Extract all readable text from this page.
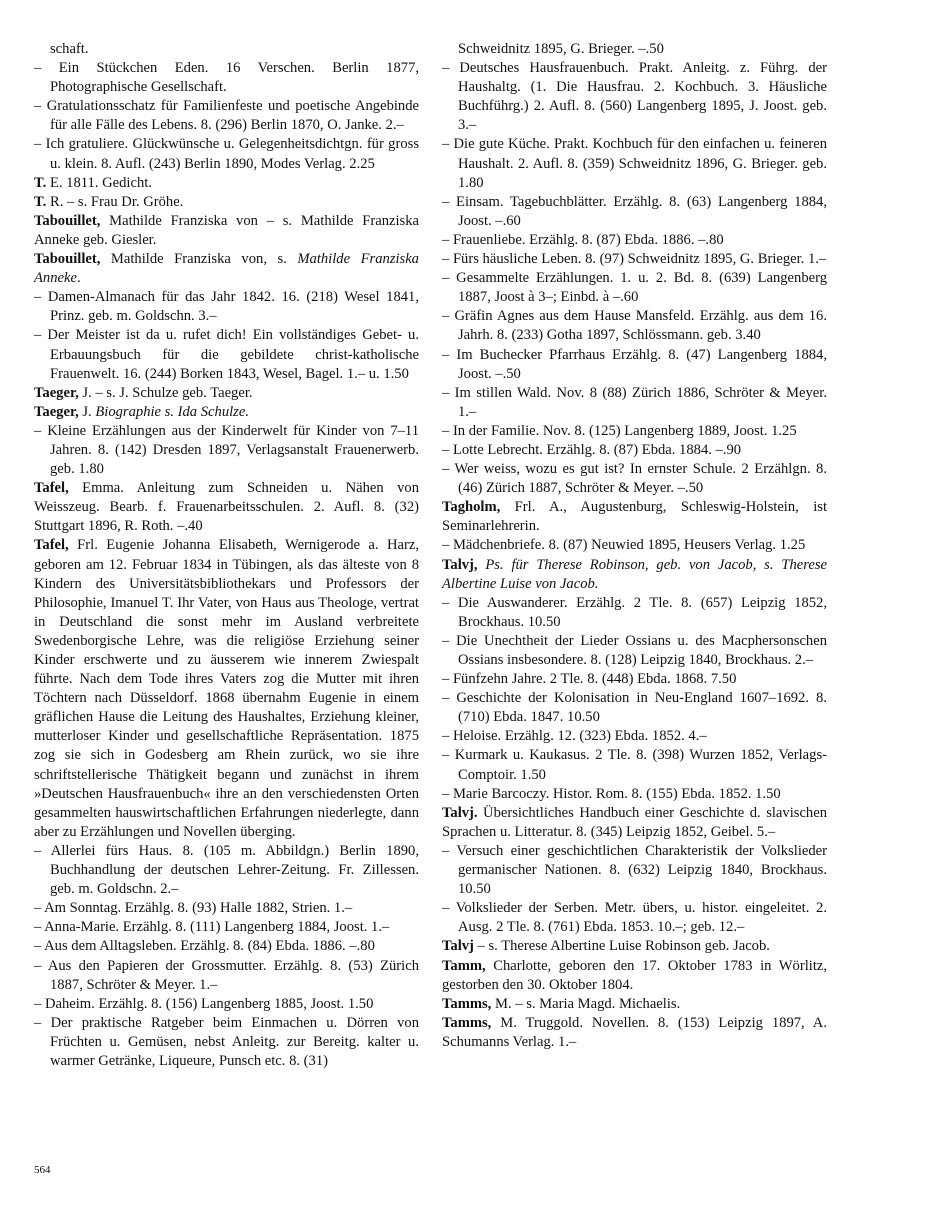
schaft.

– Ein Stückchen Eden. 16 Verschen. Berlin 1877, Photographische Gesellschaft.

– Gratulationsschatz für Familienfeste und poetische Angebinde für alle Fälle des Lebens. 8. (296) Berlin 1870, O. Janke. 2.–

– Ich gratuliere. Glückwünsche u. Gelegenheitsdichtgn. für gross u. klein. 8. Aufl. (243) Berlin 1890, Modes Verlag. 2.25

T. E. 1811. Gedicht.

T. R. – s. Frau Dr. Gröhe.

Tabouillet, Mathilde Franziska von – s. Mathilde Franziska Anneke geb. Giesler.

Tabouillet, Mathilde Franziska von, s. Mathilde Franziska Anneke.

– Damen-Almanach für das Jahr 1842. 16. (218) Wesel 1841, Prinz. geb. m. Goldschn. 3.–

– Der Meister ist da u. rufet dich! Ein vollständiges Gebet- u. Erbauungsbuch für die gebildete christ-katholische Frauenwelt. 16. (244) Borken 1843, Wesel, Bagel. 1.– u. 1.50

Taeger, J. – s. J. Schulze geb. Taeger.

Taeger, J. Biographie s. Ida Schulze.

– Kleine Erzählungen aus der Kinderwelt für Kinder von 7–11 Jahren. 8. (142) Dresden 1897, Verlagsanstalt Frauenerwerb. geb. 1.80

Tafel, Emma. Anleitung zum Schneiden u. Nähen von Weisszeug. Bearb. f. Frauenarbeitsschulen. 2. Aufl. 8. (32) Stuttgart 1896, R. Roth. –.40

Tafel, Frl. Eugenie Johanna Elisabeth, Wernigerode a. Harz, geboren am 12. Februar 1834 in Tübingen, als das älteste von 8 Kindern des Universitätsbibliothekars und Professors der Philosophie, Imanuel T. Ihr Vater, von Haus aus Theologe, vertrat in Deutschland die sonst mehr im Ausland verbreitete Swedenborgische Lehre, was die religiöse Erziehung seiner Kinder erschwerte und zu äusserem wie innerem Zwiespalt führte. Nach dem Tode ihres Vaters zog die Mutter mit ihren Töchtern nach Düsseldorf. 1868 übernahm Eugenie in einem gräflichen Hause die Leitung des Haushaltes, Erziehung kleiner, mutterloser Kinder und gesellschaftliche Repräsentation. 1875 zog sie sich in Godesberg am Rhein zurück, wo sie ihre schriftstellerische Thätigkeit begann und zunächst in ihrem »Deutschen Hausfrauenbuch« ihre an den verschiedensten Orten gesammelten hauswirtschaftlichen Erfahrungen niederlegte, dann aber zu Erzählungen und Novellen überging.

– Allerlei fürs Haus. 8. (105 m. Abbildgn.) Berlin 1890, Buchhandlung der deutschen Lehrer-Zeitung. Fr. Zillessen. geb. m. Goldschn. 2.–

– Am Sonntag. Erzählg. 8. (93) Halle 1882, Strien. 1.–

– Anna-Marie. Erzählg. 8. (111) Langenberg 1884, Joost. 1.–

– Aus dem Alltagsleben. Erzählg. 8. (84) Ebda. 1886. –.80

– Aus den Papieren der Grossmutter. Erzählg. 8. (53) Zürich 1887, Schröter & Meyer. 1.–

– Daheim. Erzählg. 8. (156) Langenberg 1885, Joost. 1.50

– Der praktische Ratgeber beim Einmachen u. Dörren von Früchten u. Gemüsen, nebst Anleitg. zur Bereitg. kalter u. warmer Getränke, Liqueure, Punsch etc. 8. (31)

Schweidnitz 1895, G. Brieger. –.50

– Deutsches Hausfrauenbuch. Prakt. Anleitg. z. Führg. der Haushaltg. (1. Die Hausfrau. 2. Kochbuch. 3. Häusliche Buchführg.) 2. Aufl. 8. (560) Langenberg 1895, J. Joost. geb. 3.–

– Die gute Küche. Prakt. Kochbuch für den einfachen u. feineren Haushalt. 2. Aufl. 8. (359) Schweidnitz 1896, G. Brieger. geb. 1.80

– Einsam. Tagebuchblätter. Erzählg. 8. (63) Langenberg 1884, Joost. –.60

– Frauenliebe. Erzählg. 8. (87) Ebda. 1886. –.80

– Fürs häusliche Leben. 8. (97) Schweidnitz 1895, G. Brieger. 1.–

– Gesammelte Erzählungen. 1. u. 2. Bd. 8. (639) Langenberg 1887, Joost à 3–; Einbd. à –.60

– Gräfin Agnes aus dem Hause Mansfeld. Erzählg. aus dem 16. Jahrh. 8. (233) Gotha 1897, Schlössmann. geb. 3.40

– Im Buchecker Pfarrhaus Erzählg. 8. (47) Langenberg 1884, Joost. –.50

– Im stillen Wald. Nov. 8 (88) Zürich 1886, Schröter & Meyer. 1.–

– In der Familie. Nov. 8. (125) Langenberg 1889, Joost. 1.25

– Lotte Lebrecht. Erzählg. 8. (87) Ebda. 1884. –.90

– Wer weiss, wozu es gut ist? In ernster Schule. 2 Erzählgn. 8. (46) Zürich 1887, Schröter & Meyer. –.50

Tagholm, Frl. A., Augustenburg, Schleswig-Holstein, ist Seminarlehrerin.

– Mädchenbriefe. 8. (87) Neuwied 1895, Heusers Verlag. 1.25

Talvj, Ps. für Therese Robinson, geb. von Jacob, s. Therese Albertine Luise von Jacob.

– Die Auswanderer. Erzählg. 2 Tle. 8. (657) Leipzig 1852, Brockhaus. 10.50

– Die Unechtheit der Lieder Ossians u. des Macphersonschen Ossians insbesondere. 8. (128) Leipzig 1840, Brockhaus. 2.–

– Fünfzehn Jahre. 2 Tle. 8. (448) Ebda. 1868. 7.50

– Geschichte der Kolonisation in Neu-England 1607–1692. 8. (710) Ebda. 1847. 10.50

– Heloise. Erzählg. 12. (323) Ebda. 1852. 4.–

– Kurmark u. Kaukasus. 2 Tle. 8. (398) Wurzen 1852, Verlags-Comptoir. 1.50

– Marie Barcoczy. Histor. Rom. 8. (155) Ebda. 1852. 1.50

Talvj. Übersichtliches Handbuch einer Geschichte d. slavischen Sprachen u. Litteratur. 8. (345) Leipzig 1852, Geibel. 5.–

– Versuch einer geschichtlichen Charakteristik der Volkslieder germanischer Nationen. 8. (632) Leipzig 1840, Brockhaus. 10.50

– Volkslieder der Serben. Metr. übers, u. histor. eingeleitet. 2. Ausg. 2 Tle. 8. (761) Ebda. 1853. 10.–; geb. 12.–

Talvj – s. Therese Albertine Luise Robinson geb. Jacob.

Tamm, Charlotte, geboren den 17. Oktober 1783 in Wörlitz, gestorben den 30. Oktober 1804.

Tamms, M. – s. Maria Magd. Michaelis.

Tamms, M. Truggold. Novellen. 8. (153) Leipzig 1897, A. Schumanns Verlag. 1.–

564
